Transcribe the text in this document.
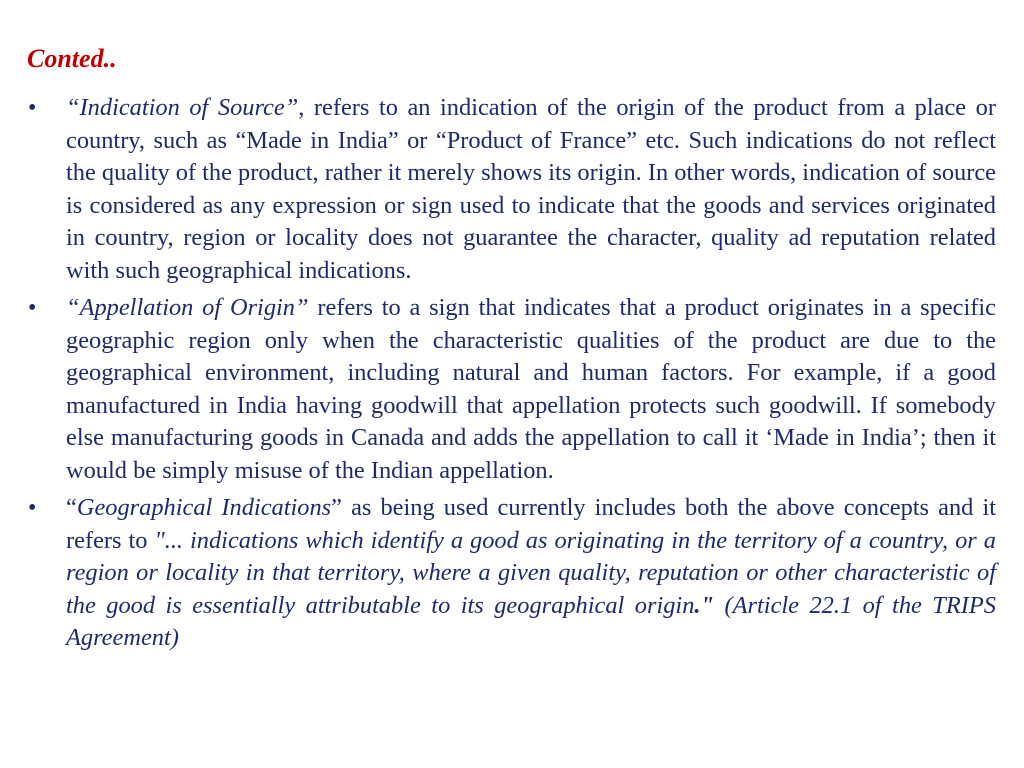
Conted..
•	“Indication of Source”, refers to an indication of the origin of the product from a place or country, such as “Made in India” or “Product of France” etc. Such indications do not reflect the quality of the product, rather it merely shows its origin. In other words, indication of source is considered as any expression or sign used to indicate that the goods and services originated in country, region or locality does not guarantee the character, quality ad reputation related with such geographical indications.
•	“Appellation of Origin” refers to a sign that indicates that a product originates in a specific geographic region only when the characteristic qualities of the product are due to the geographical environment, including natural and human factors. For example, if a good manufactured in India having goodwill that appellation protects such goodwill. If somebody else manufacturing goods in Canada and adds the appellation to call it ‘Made in India’; then it would be simply misuse of the Indian appellation.
•	“Geographical Indications” as being used currently includes both the above concepts and it refers to "... indications which identify a good as originating in the territory of a country, or a region or locality in that territory, where a given quality, reputation or other characteristic of the good is essentially attributable to its geographical origin." (Article 22.1 of the TRIPS Agreement)
